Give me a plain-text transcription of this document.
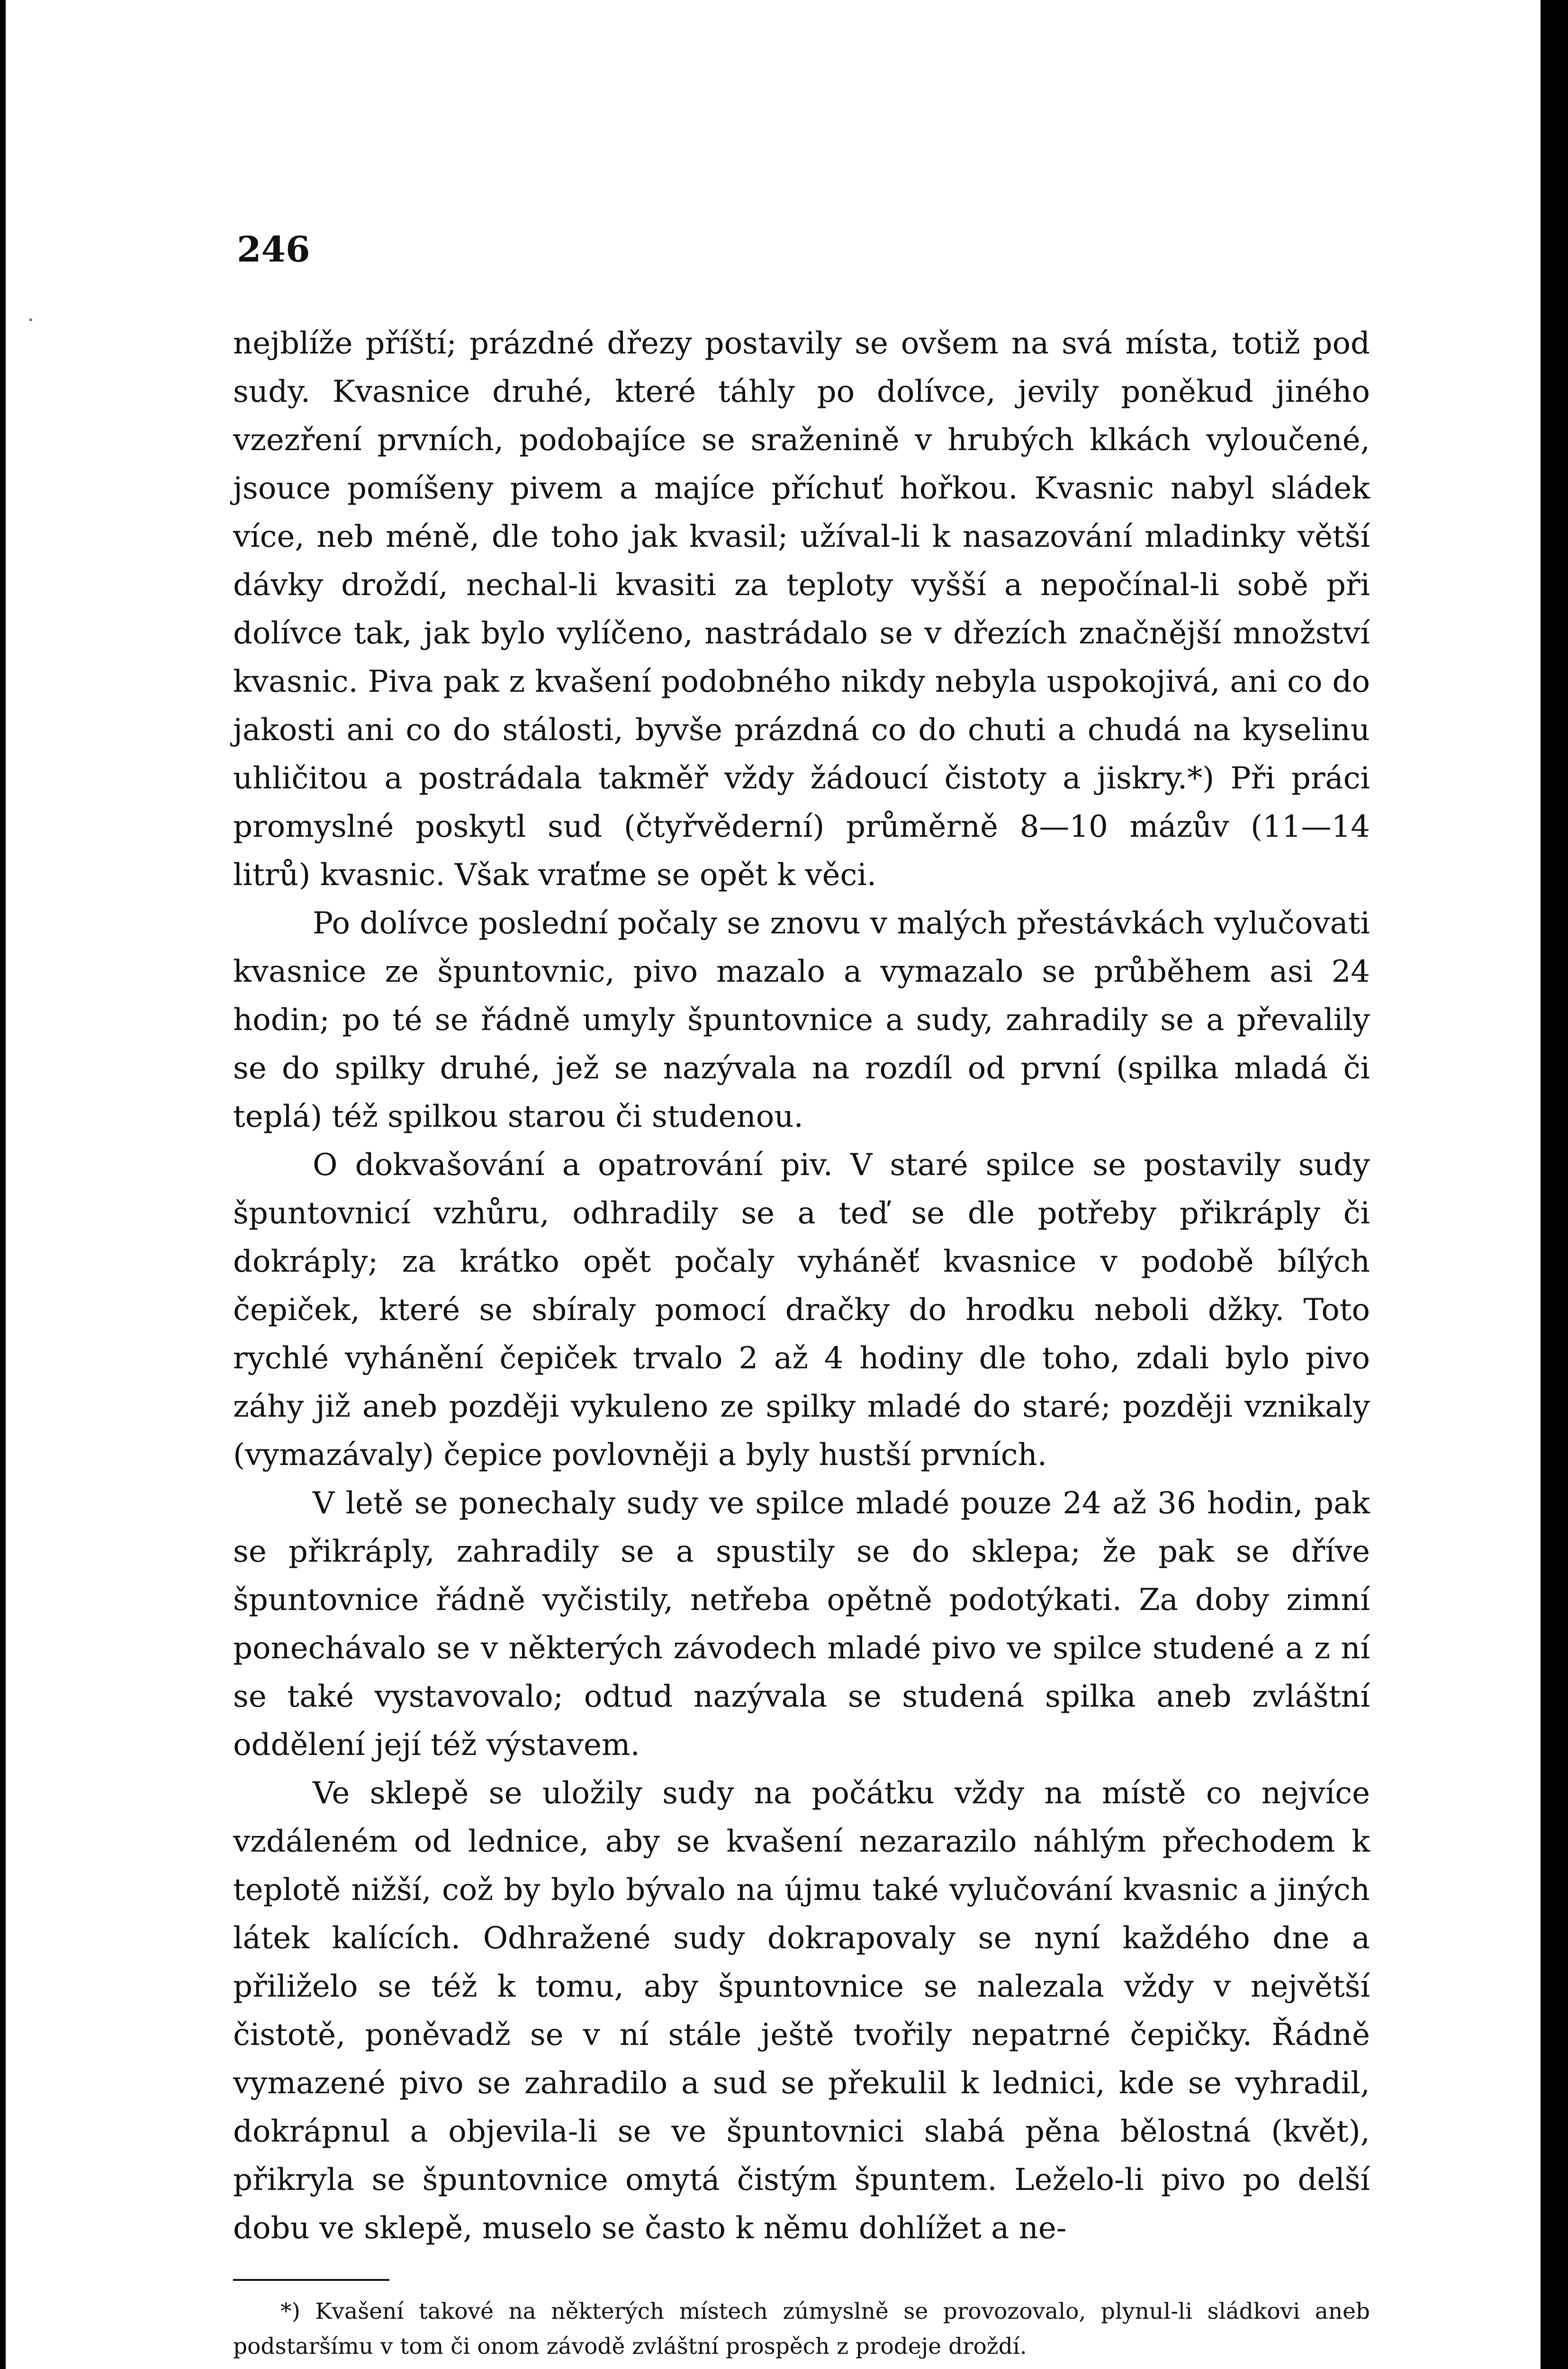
246

nejblíže příští; prázdné dřezy postavily se ovšem na svá místa, totiž pod sudy. Kvasnice druhé, které táhly po dolívce, jevily poněkud jiného vzezření prvních, podobajíce se sraženině v hrubých klkách vyloučené, jsouce pomíšeny pivem a majíce příchuť hořkou. Kvasnic nabyl sládek více, neb méně, dle toho jak kvasil; užíval-li k nasazování mladinky větší dávky droždí, nechal-li kvasiti za teploty vyšší a nepočínal-li sobě při dolívce tak, jak bylo vylíčeno, nastrádalo se v dřezích značnější množství kvasnic. Piva pak z kvašení podobného nikdy nebyla uspokojivá, ani co do jakosti ani co do stálosti, byvše prázdná co do chuti a chudá na kyselinu uhličitou a postrádala takměř vždy žádoucí čistoty a jiskry.*) Při práci promyslné poskytl sud (čtyřvěderní) průměrně 8—10 mázův (11—14 litrů) kvasnic. Však vraťme se opět k věci.

Po dolívce poslední počaly se znovu v malých přestávkách vylučovati kvasnice ze špuntovnic, pivo mazalo a vymazalo se průběhem asi 24 hodin; po té se řádně umyly špuntovnice a sudy, zahradily se a převalily se do spilky druhé, jež se nazývala na rozdíl od první (spilka mladá či teplá) též spilkou starou či studenou.

O dokvašování a opatrování piv. V staré spilce se postavily sudy špuntovnicí vzhůru, odhradily se a teď se dle potřeby přikráply či dokráply; za krátko opět počaly vyháněť kvasnice v podobě bílých čepiček, které se sbíraly pomocí dračky do hrodku neboli džky. Toto rychlé vyhánění čepiček trvalo 2 až 4 hodiny dle toho, zdali bylo pivo záhy již aneb později vykuleno ze spilky mladé do staré; později vznikaly (vymazávaly) čepice povlovněji a byly hustší prvních.

V letě se ponechaly sudy ve spilce mladé pouze 24 až 36 hodin, pak se přikráply, zahradily se a spustily se do sklepa; že pak se dříve špuntovnice řádně vyčistily, netřeba opětně podotýkati. Za doby zimní ponechávalo se v některých závodech mladé pivo ve spilce studené a z ní se také vystavovalo; odtud nazývala se studená spilka aneb zvláštní oddělení její též výstavem.

Ve sklepě se uložily sudy na počátku vždy na místě co nejvíce vzdáleném od lednice, aby se kvašení nezarazilo náhlým přechodem k teplotě nižší, což by bylo bývalo na újmu také vylučování kvasnic a jiných látek kalících. Odhražené sudy dokrapovaly se nyní každého dne a přiliželo se též k tomu, aby špuntovnice se nalezala vždy v největší čistotě, poněvadž se v ní stále ještě tvořily nepatrné čepičky. Řádně vymazené pivo se zahradilo a sud se překulil k lednici, kde se vyhradil, dokrápnul a objevila-li se ve špuntovnici slabá pěna bělostná (květ), přikryla se špuntovnice omytá čistým špuntem. Leželo-li pivo po delší dobu ve sklepě, muselo se často k němu dohlížet a ne-

*) Kvašení takové na některých místech zúmyslně se provozovalo, plynul-li sládkovi aneb podstaršímu v tom či onom závodě zvláštní prospěch z prodeje droždí.
